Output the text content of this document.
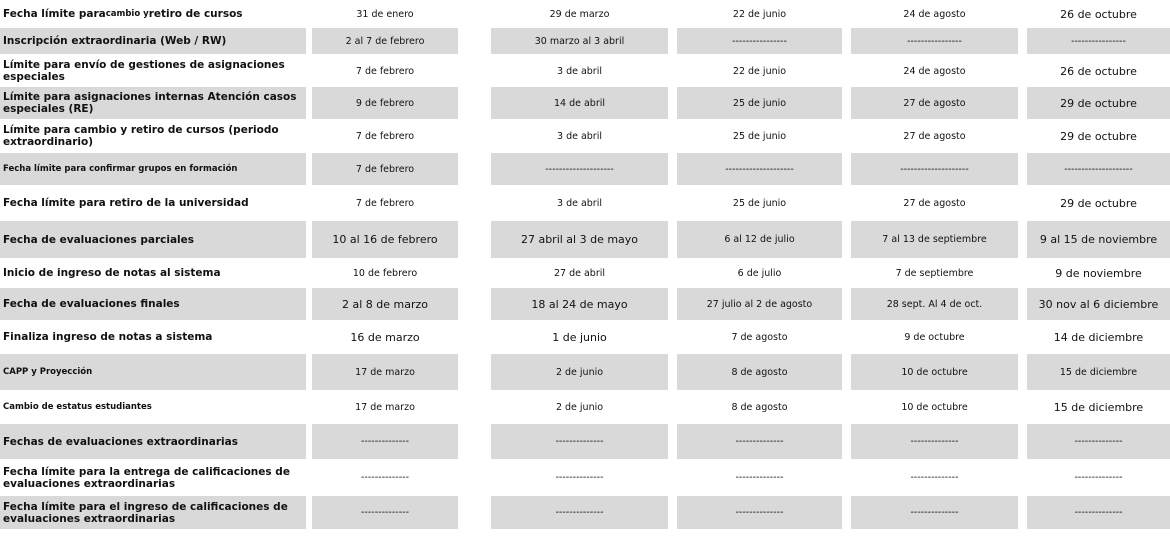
Fecha límite para cambio y retiro de cursos	31 de enero	29 de marzo	22 de junio	24 de agosto	26 de octubre
Inscripción extraordinaria (Web / RW)	2 al 7 de febrero	30 marzo al 3 abril	----------------	----------------	----------------
Límite para envío de gestiones de asignaciones especiales	7 de febrero	3 de abril	22 de junio	24 de agosto	26 de octubre
Límite para asignaciones internas Atención casos especiales (RE)	9 de febrero	14 de abril	25 de junio	27 de agosto	29 de octubre
Límite para cambio y retiro de cursos (periodo extraordinario)	7 de febrero	3 de abril	25 de junio	27 de agosto	29 de octubre
Fecha límite para confirmar grupos en formación	7 de febrero	--------------------	--------------------	--------------------	--------------------
Fecha límite para retiro de la universidad	7 de febrero	3 de abril	25 de junio	27 de agosto	29 de octubre
Fecha de evaluaciones parciales	10 al 16 de febrero	27 abril al 3 de mayo	6 al 12 de julio	7 al 13 de septiembre	9 al 15 de noviembre
Inicio de ingreso de notas al sistema	10 de febrero	27 de abril	6 de julio	7 de septiembre	9 de noviembre
Fecha de evaluaciones finales	2 al 8 de marzo	18 al 24 de mayo	27 julio al 2 de agosto	28 sept. Al 4 de oct.	30 nov al 6 diciembre
Finaliza ingreso de notas a sistema	16 de marzo	1 de junio	7 de agosto	9 de octubre	14 de diciembre
CAPP y Proyección	17 de marzo	2 de junio	8 de agosto	10 de octubre	15 de diciembre
Cambio de estatus estudiantes	17 de marzo	2 de junio	8 de agosto	10 de octubre	15 de diciembre
Fechas de evaluaciones extraordinarias	--------------	--------------	--------------	--------------	--------------
Fecha límite para la entrega de calificaciones de evaluaciones extraordinarias	--------------	--------------	--------------	--------------	--------------
Fecha límite para el ingreso de calificaciones de evaluaciones extraordinarias	--------------	--------------	--------------	--------------	--------------
